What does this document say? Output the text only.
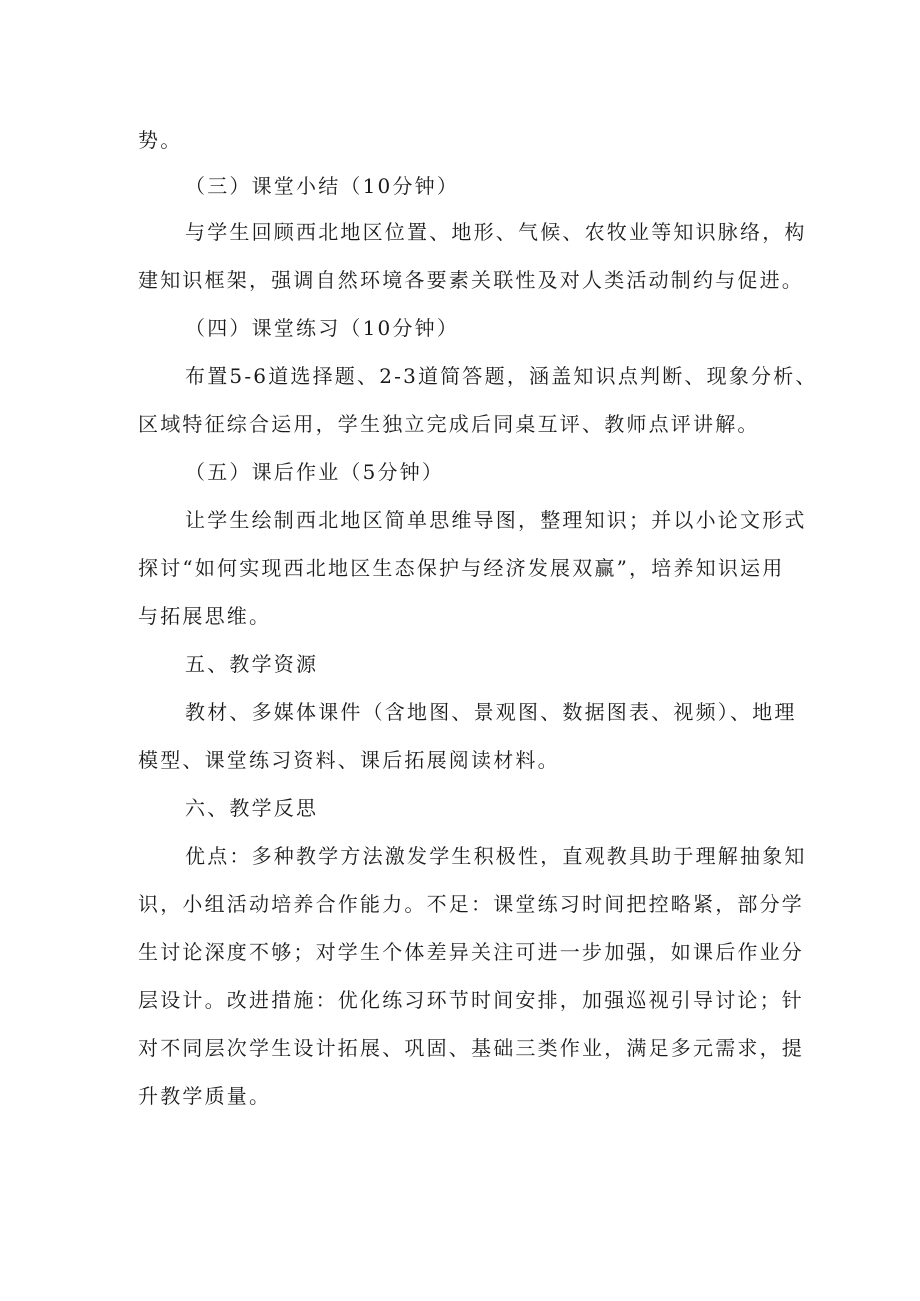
势。
（三）课堂小结（10分钟）
与学生回顾西北地区位置、地形、气候、农牧业等知识脉络，构
建知识框架，强调自然环境各要素关联性及对人类活动制约与促进。
（四）课堂练习（10分钟）
布置5-6道选择题、2-3道简答题，涵盖知识点判断、现象分析、
区域特征综合运用，学生独立完成后同桌互评、教师点评讲解。
（五）课后作业（5分钟）
让学生绘制西北地区简单思维导图，整理知识；并以小论文形式
探讨“如何实现西北地区生态保护与经济发展双赢”，培养知识运用
与拓展思维。
五、教学资源
教材、多媒体课件（含地图、景观图、数据图表、视频）、地理
模型、课堂练习资料、课后拓展阅读材料。
六、教学反思
优点：多种教学方法激发学生积极性，直观教具助于理解抽象知
识，小组活动培养合作能力。不足：课堂练习时间把控略紧，部分学
生讨论深度不够；对学生个体差异关注可进一步加强，如课后作业分
层设计。改进措施：优化练习环节时间安排，加强巡视引导讨论；针
对不同层次学生设计拓展、巩固、基础三类作业，满足多元需求，提
升教学质量。
